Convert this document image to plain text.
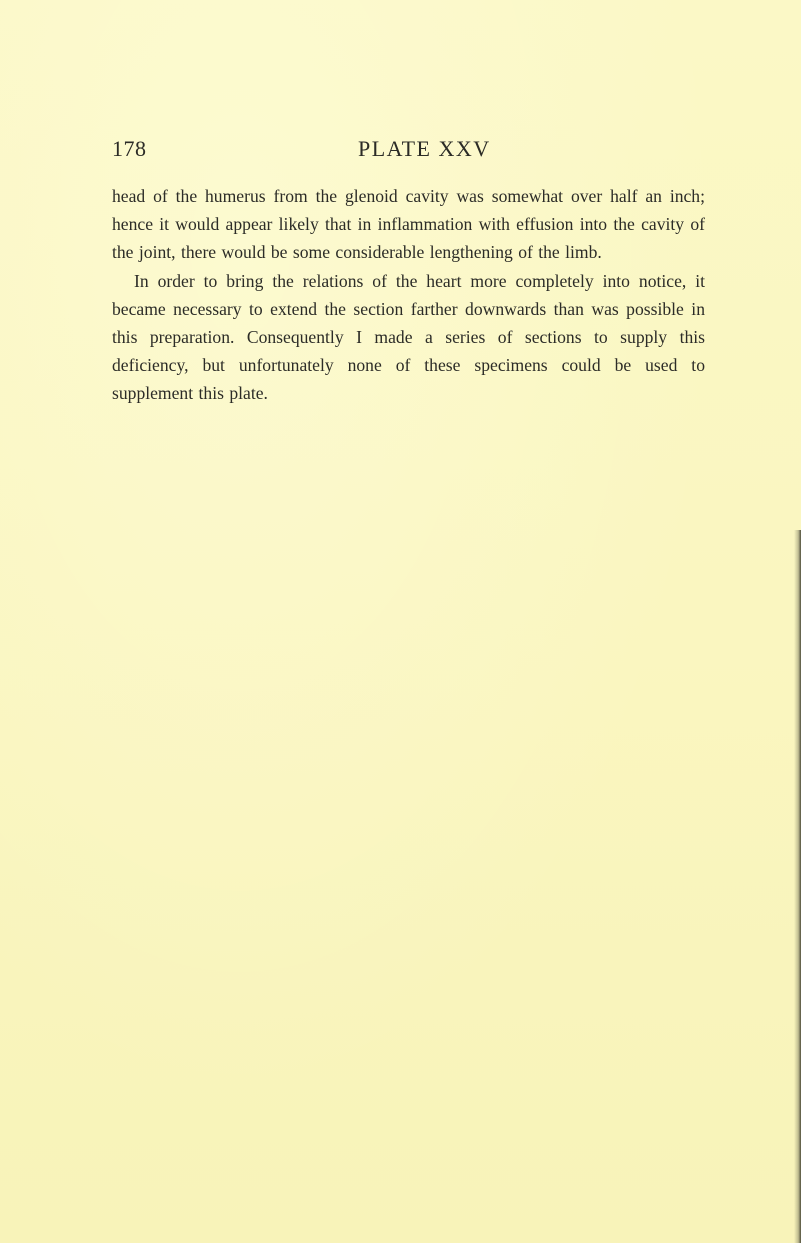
178	PLATE XXV

head of the humerus from the glenoid cavity was somewhat over half an inch; hence it would appear likely that in inflammation with effusion into the cavity of the joint, there would be some considerable lengthening of the limb.

In order to bring the relations of the heart more completely into notice, it became necessary to extend the section farther downwards than was possible in this preparation. Consequently I made a series of sections to supply this deficiency, but unfortunately none of these specimens could be used to supplement this plate.
